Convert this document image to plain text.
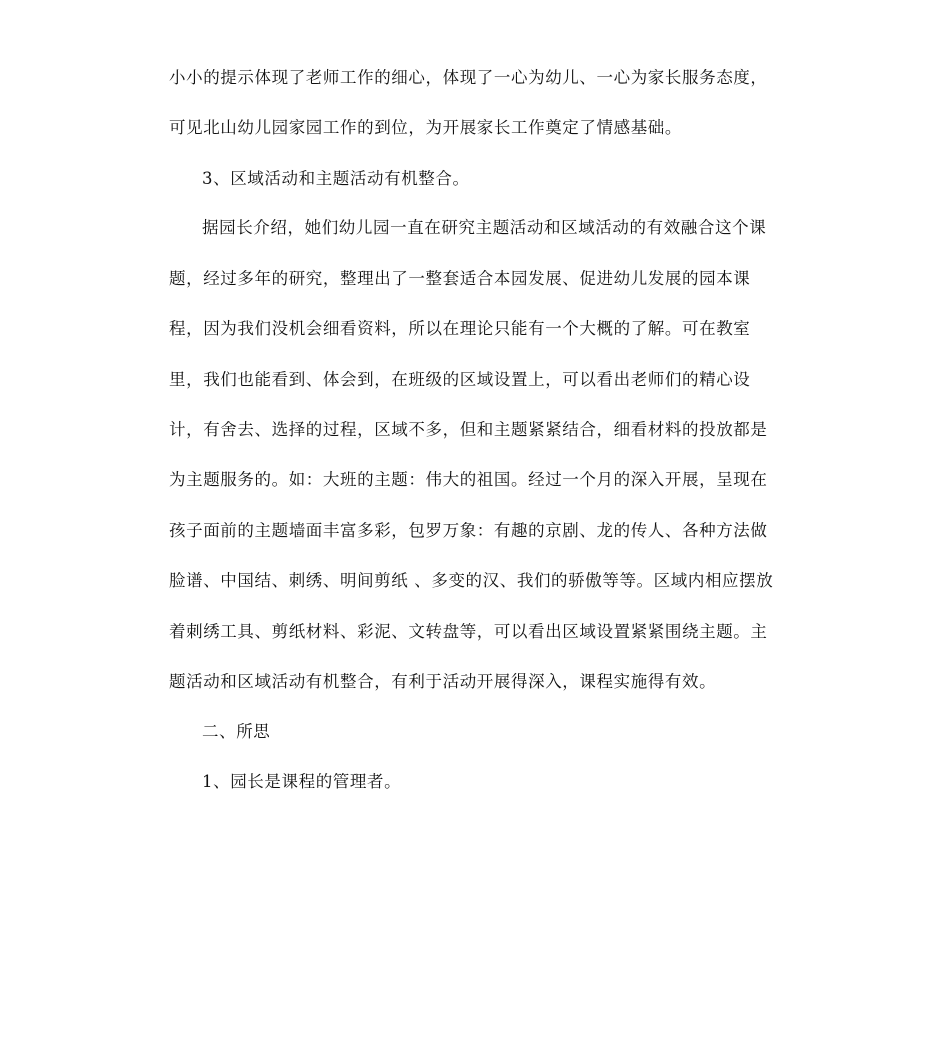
小小的提示体现了老师工作的细心，体现了一心为幼儿、一心为家长服务态度，
可见北山幼儿园家园工作的到位，为开展家长工作奠定了情感基础。
3、区域活动和主题活动有机整合。
据园长介绍，她们幼儿园一直在研究主题活动和区域活动的有效融合这个课
题，经过多年的研究，整理出了一整套适合本园发展、促进幼儿发展的园本课
程，因为我们没机会细看资料，所以在理论只能有一个大概的了解。可在教室
里，我们也能看到、体会到，在班级的区域设置上，可以看出老师们的精心设
计，有舍去、选择的过程，区域不多，但和主题紧紧结合，细看材料的投放都是
为主题服务的。如：大班的主题：伟大的祖国。经过一个月的深入开展，呈现在
孩子面前的主题墙面丰富多彩，包罗万象：有趣的京剧、龙的传人、各种方法做
脸谱、中国结、刺绣、明间剪纸 、多变的汉、我们的骄傲等等。区域内相应摆放
着刺绣工具、剪纸材料、彩泥、文转盘等，可以看出区域设置紧紧围绕主题。主
题活动和区域活动有机整合，有利于活动开展得深入，课程实施得有效。
二、所思
1、园长是课程的管理者。
